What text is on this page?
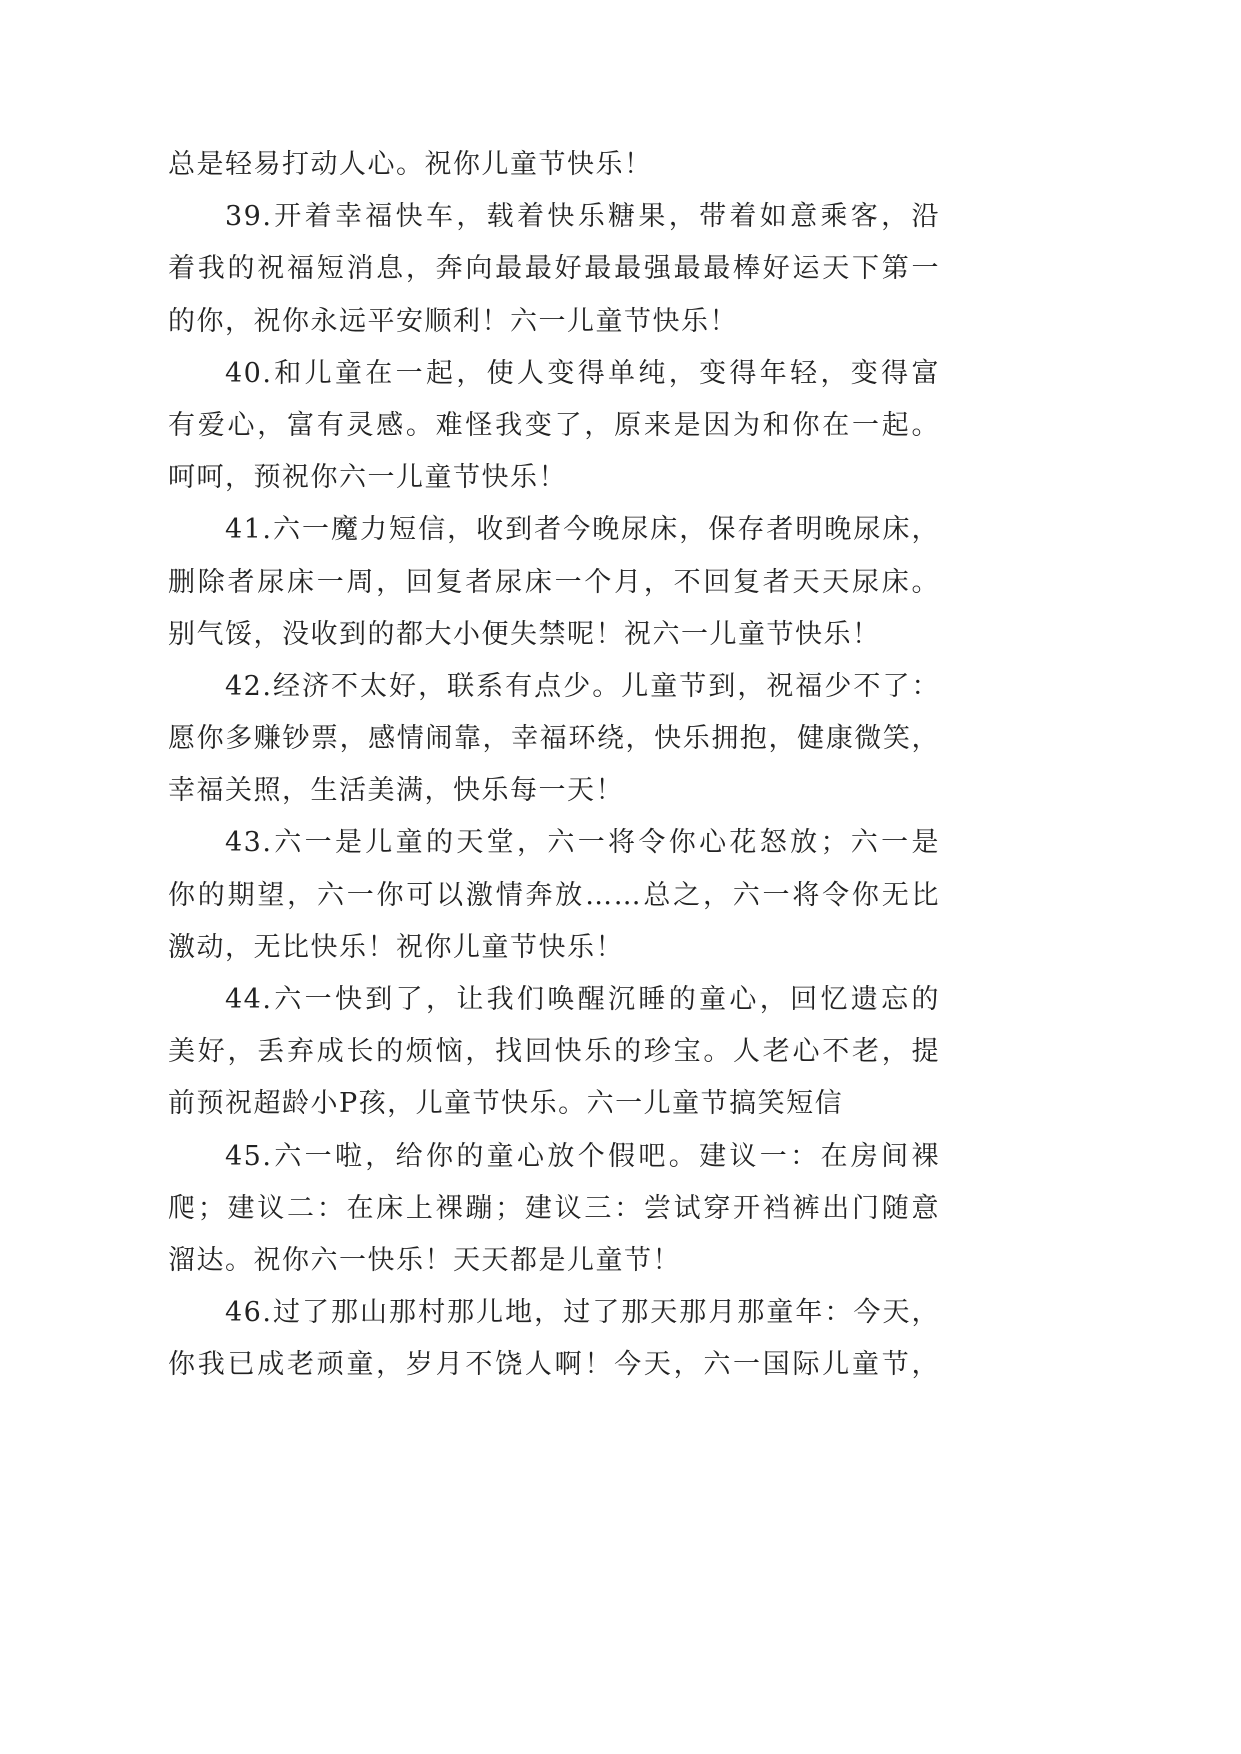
总是轻易打动人心。祝你儿童节快乐！
39.开着幸福快车，载着快乐糖果，带着如意乘客，沿
着我的祝福短消息，奔向最最好最最强最最棒好运天下第一
的你，祝你永远平安顺利！六一儿童节快乐！
40.和儿童在一起，使人变得单纯，变得年轻，变得富
有爱心，富有灵感。难怪我变了，原来是因为和你在一起。
呵呵，预祝你六一儿童节快乐！
41.六一魔力短信，收到者今晚尿床，保存者明晚尿床，
删除者尿床一周，回复者尿床一个月，不回复者天天尿床。
别气馁，没收到的都大小便失禁呢！祝六一儿童节快乐！
42.经济不太好，联系有点少。儿童节到，祝福少不了：
愿你多赚钞票，感情闹靠，幸福环绕，快乐拥抱，健康微笑，
幸福关照，生活美满，快乐每一天！
43.六一是儿童的天堂，六一将令你心花怒放；六一是
你的期望，六一你可以激情奔放……总之，六一将令你无比
激动，无比快乐！祝你儿童节快乐！
44.六一快到了，让我们唤醒沉睡的童心，回忆遗忘的
美好，丢弃成长的烦恼，找回快乐的珍宝。人老心不老，提
前预祝超龄小P孩，儿童节快乐。六一儿童节搞笑短信
45.六一啦，给你的童心放个假吧。建议一：在房间裸
爬；建议二：在床上裸蹦；建议三：尝试穿开裆裤出门随意
溜达。祝你六一快乐！天天都是儿童节！
46.过了那山那村那儿地，过了那天那月那童年：今天，
你我已成老顽童，岁月不饶人啊！今天，六一国际儿童节，
